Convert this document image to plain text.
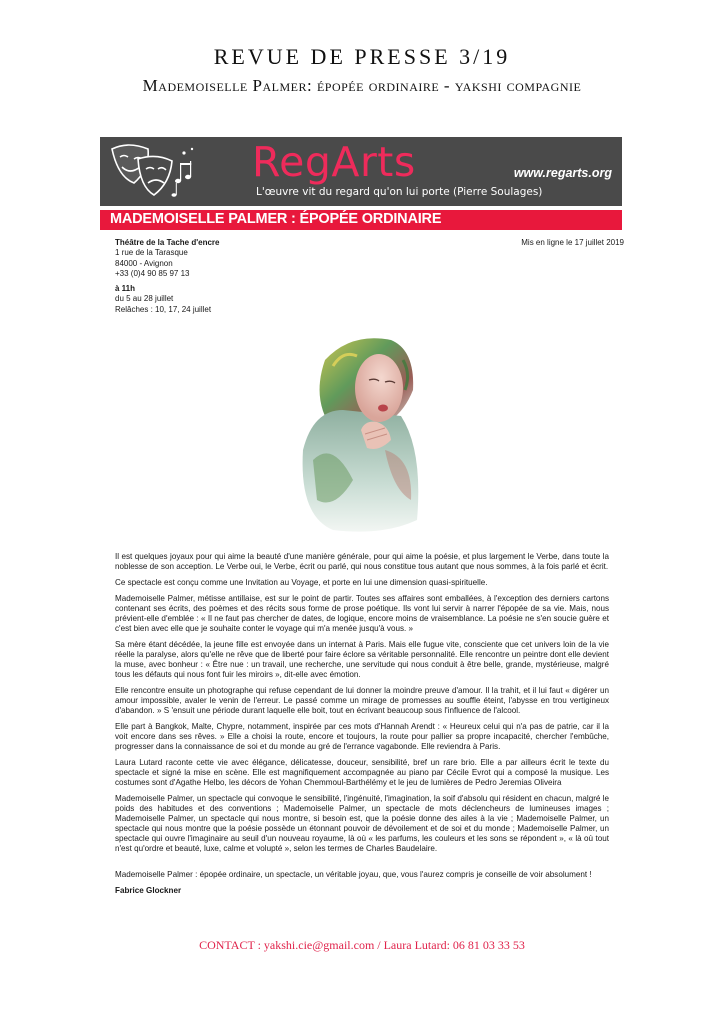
REVUE DE PRESSE 3/19
Mademoiselle Palmer: épopée ordinaire - yakshi compagnie
RegArts	www.regarts.org
L'œuvre vit du regard qu'on lui porte (Pierre Soulages)
MADEMOISELLE PALMER : ÉPOPÉE ORDINAIRE
Théâtre de la Tache d'encre
1 rue de la Tarasque
84000 - Avignon
+33 (0)4 90 85 97 13
à 11h
du 5 au 28 juillet
Relâches : 10, 17, 24 juillet
Mis en ligne le 17 juillet 2019

Il est quelques joyaux pour qui aime la beauté d'une manière générale, pour qui aime la poésie, et plus largement le Verbe, dans toute la noblesse de son acception. Le Verbe oui, le Verbe, écrit ou parlé, qui nous constitue tous autant que nous sommes, à la fois parlé et écrit.

Ce spectacle est conçu comme une Invitation au Voyage, et porte en lui une dimension quasi-spirituelle.

Mademoiselle Palmer, métisse antillaise, est sur le point de partir. Toutes ses affaires sont emballées, à l'exception des derniers cartons contenant ses écrits, des poèmes et des récits sous forme de prose poétique. Ils vont lui servir à narrer l'épopée de sa vie. Mais, nous prévient-elle d'emblée : « Il ne faut pas chercher de dates, de logique, encore moins de vraisemblance. La poésie ne s'en soucie guère et c'est bien avec elle que je souhaite conter le voyage qui m'a menée jusqu'à vous. »

Sa mère étant décédée, la jeune fille est envoyée dans un internat à Paris. Mais elle fugue vite, consciente que cet univers loin de la vie réelle la paralyse, alors qu'elle ne rêve que de liberté pour faire éclore sa véritable personnalité. Elle rencontre un peintre dont elle devient la muse, avec bonheur : « Être nue : un travail, une recherche, une servitude qui nous conduit à être belle, grande, mystérieuse, malgré tous les défauts qui nous font fuir les miroirs », dit-elle avec émotion.

Elle rencontre ensuite un photographe qui refuse cependant de lui donner la moindre preuve d'amour. Il la trahit, et il lui faut « digérer un amour impossible, avaler le venin de l'erreur. Le passé comme un mirage de promesses au souffle éteint, l'abysse en trou vertigineux d'abandon. » S 'ensuit une période durant laquelle elle boit, tout en écrivant beaucoup sous l'influence de l'alcool.

Elle part à Bangkok, Malte, Chypre, notamment, inspirée par ces mots d'Hannah Arendt : « Heureux celui qui n'a pas de patrie, car il la voit encore dans ses rêves. » Elle a choisi la route, encore et toujours, la route pour pallier sa propre incapacité, chercher l'embûche, progresser dans la connaissance de soi et du monde au gré de l'errance vagabonde. Elle reviendra à Paris.

Laura Lutard raconte cette vie avec élégance, délicatesse, douceur, sensibilité, bref un rare brio. Elle a par ailleurs écrit le texte du spectacle et signé la mise en scène. Elle est magnifiquement accompagnée au piano par Cécile Evrot qui a composé la musique. Les costumes sont d'Agathe Helbo, les décors de Yohan Chemmoul-Barthélémy et le jeu de lumières de Pedro Jeremias Oliveira

Mademoiselle Palmer, un spectacle qui convoque le sensibilité, l'ingénuité, l'imagination, la soif d'absolu qui résident en chacun, malgré le poids des habitudes et des conventions ; Mademoiselle Palmer, un spectacle de mots déclencheurs de lumineuses images ; Mademoiselle Palmer, un spectacle qui nous montre, si besoin est, que la poésie donne des ailes à la vie ; Mademoiselle Palmer, un spectacle qui nous montre que la poésie possède un étonnant pouvoir de dévoilement et de soi et du monde ; Mademoiselle Palmer, un spectacle qui ouvre l'imaginaire au seuil d'un nouveau royaume, là où « les parfums, les couleurs et les sons se répondent », « là où tout n'est qu'ordre et beauté, luxe, calme et volupté », selon les termes de Charles Baudelaire.

Mademoiselle Palmer : épopée ordinaire, un spectacle, un véritable joyau, que, vous l'aurez compris je conseille de voir absolument !

Fabrice Glockner

CONTACT : yakshi.cie@gmail.com / Laura Lutard: 06 81 03 33 53
